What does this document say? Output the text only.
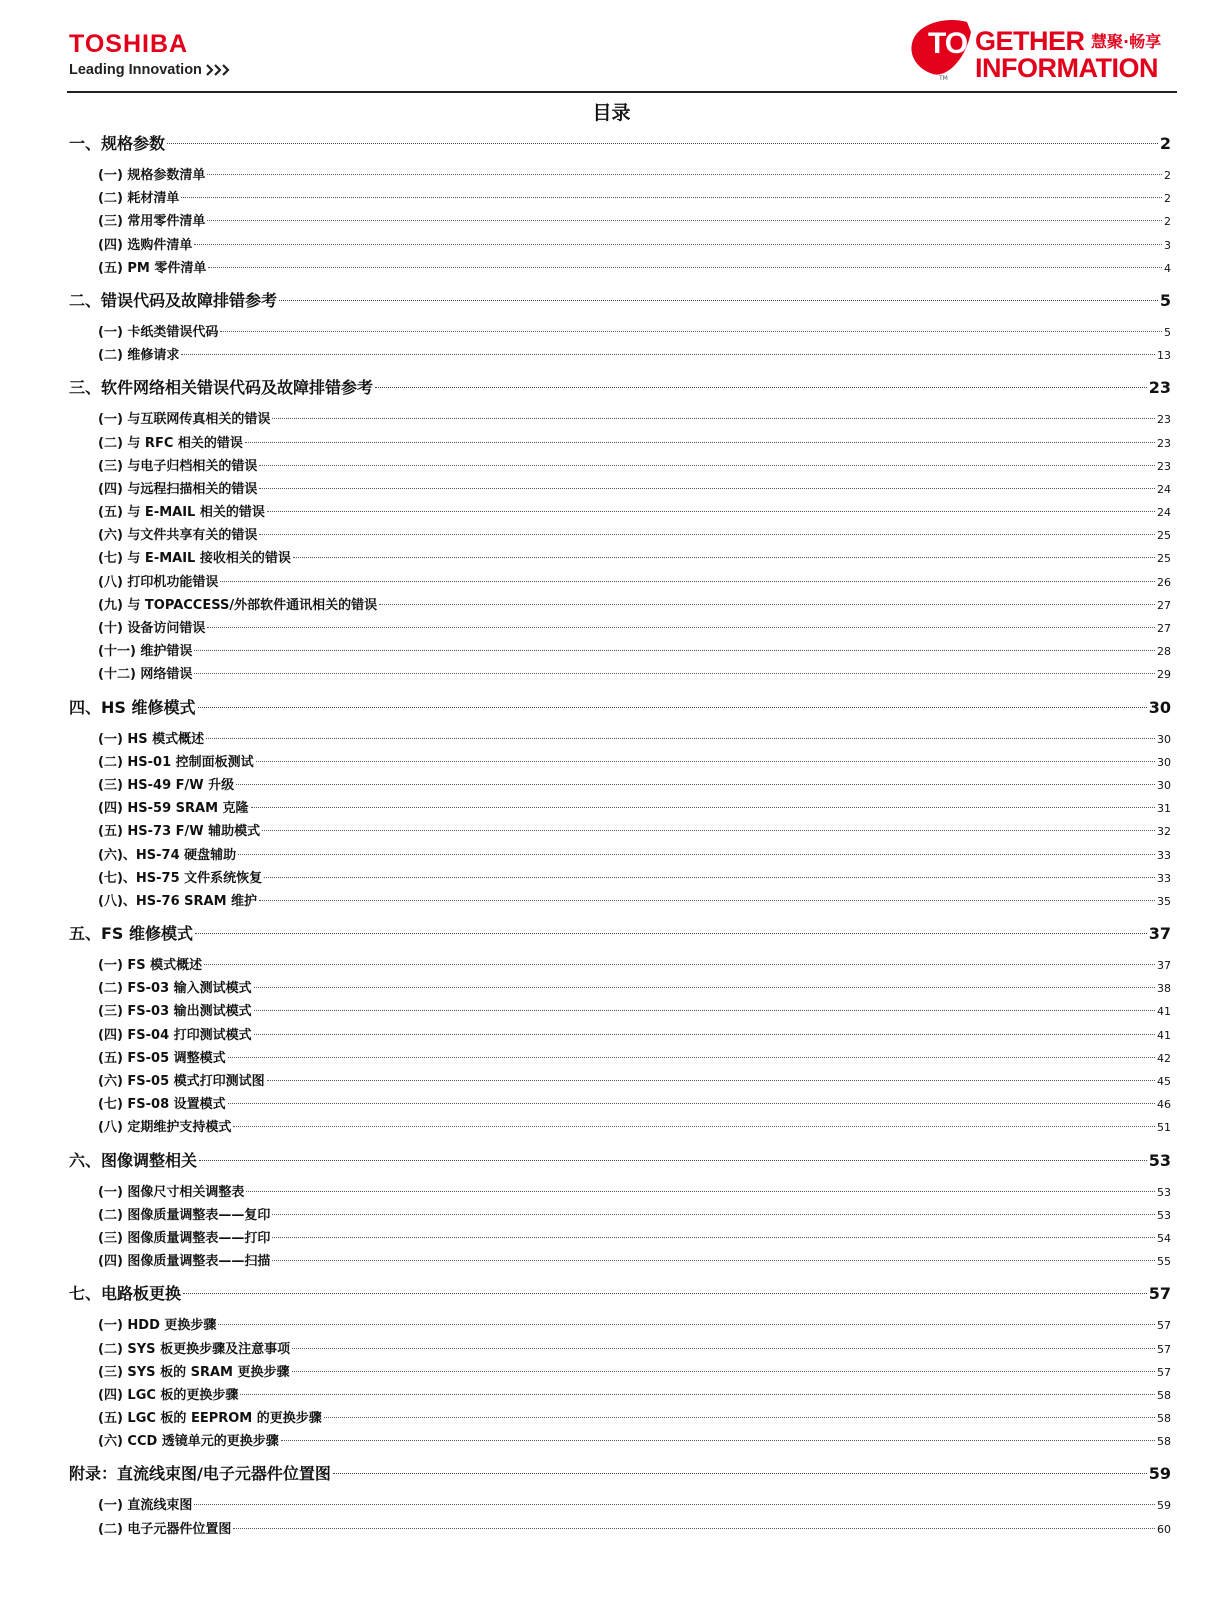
TOSHIBA
Leading Innovation
TO GETHER 慧聚·畅享
INFORMATION
TM
目录
一、规格参数	2
(一) 规格参数清单	2
(二) 耗材清单	2
(三) 常用零件清单	2
(四) 选购件清单	3
(五) PM 零件清单	4
二、错误代码及故障排错参考	5
(一) 卡纸类错误代码	5
(二) 维修请求	13
三、软件网络相关错误代码及故障排错参考	23
(一) 与互联网传真相关的错误	23
(二) 与 RFC 相关的错误	23
(三) 与电子归档相关的错误	23
(四) 与远程扫描相关的错误	24
(五) 与 E-MAIL 相关的错误	24
(六) 与文件共享有关的错误	25
(七) 与 E-MAIL 接收相关的错误	25
(八) 打印机功能错误	26
(九) 与 TOPACCESS/外部软件通讯相关的错误	27
(十) 设备访问错误	27
(十一) 维护错误	28
(十二) 网络错误	29
四、HS 维修模式	30
(一) HS 模式概述	30
(二) HS-01 控制面板测试	30
(三) HS-49 F/W 升级	30
(四) HS-59 SRAM 克隆	31
(五) HS-73 F/W 辅助模式	32
(六)、HS-74 硬盘辅助	33
(七)、HS-75 文件系统恢复	33
(八)、HS-76 SRAM 维护	35
五、FS 维修模式	37
(一) FS 模式概述	37
(二) FS-03 输入测试模式	38
(三) FS-03 输出测试模式	41
(四) FS-04 打印测试模式	41
(五) FS-05 调整模式	42
(六) FS-05 模式打印测试图	45
(七) FS-08 设置模式	46
(八) 定期维护支持模式	51
六、图像调整相关	53
(一) 图像尺寸相关调整表	53
(二) 图像质量调整表——复印	53
(三) 图像质量调整表——打印	54
(四) 图像质量调整表——扫描	55
七、电路板更换	57
(一) HDD 更换步骤	57
(二) SYS 板更换步骤及注意事项	57
(三) SYS 板的 SRAM 更换步骤	57
(四) LGC 板的更换步骤	58
(五) LGC 板的 EEPROM 的更换步骤	58
(六) CCD 透镜单元的更换步骤	58
附录：直流线束图/电子元器件位置图	59
(一) 直流线束图	59
(二) 电子元器件位置图	60
